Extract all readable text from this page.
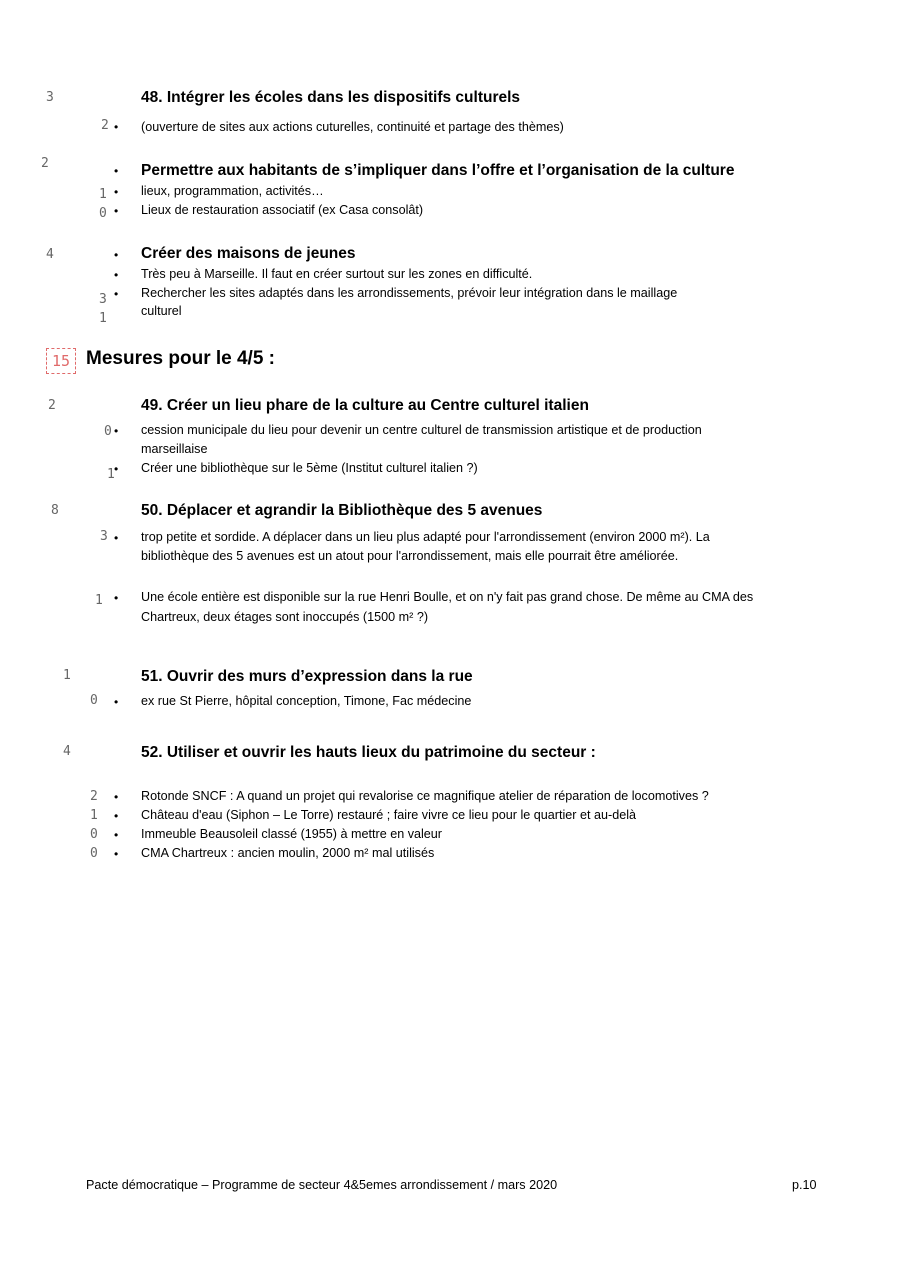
3	48. Intégrer les écoles dans les dispositifs culturels
2 • (ouverture de sites aux actions cuturelles, continuité et partage des thèmes)
2	• Permettre aux habitants de s’impliquer dans l’offre et l’organisation de la culture
1 • lieux, programmation, activités…
0 • Lieux de restauration associatif (ex Casa consolât)
4	• Créer des maisons de jeunes
• Très peu à Marseille. Il faut en créer surtout sur les zones en difficulté.
3 • Rechercher les sites adaptés dans les arrondissements, prévoir leur intégration dans le maillage
1	culturel
15 Mesures pour le 4/5 :
2	49. Créer un lieu phare de la culture au Centre culturel italien
0 • cession municipale du lieu pour devenir un centre culturel de transmission artistique et de production
marseillaise
1 • Créer une bibliothèque sur le 5ème (Institut culturel italien ?)
8	50. Déplacer et agrandir la Bibliothèque des 5 avenues
3 • trop petite et sordide. A déplacer dans un lieu plus adapté pour l'arrondissement (environ 2000 m²). La
bibliothèque des 5 avenues est un atout pour l'arrondissement, mais elle pourrait être améliorée.
1 • Une école entière est disponible sur la rue Henri Boulle, et on n'y fait pas grand chose. De même au CMA des
Chartreux, deux étages sont inoccupés (1500 m² ?)
1	51. Ouvrir des murs d’expression dans la rue
0 • ex rue St Pierre, hôpital conception, Timone, Fac médecine
4	52. Utiliser et ouvrir les hauts lieux du patrimoine du secteur :
2 • Rotonde SNCF : A quand un projet qui revalorise ce magnifique atelier de réparation de locomotives ?
1 • Château d'eau (Siphon – Le Torre) restauré ; faire vivre ce lieu pour le quartier et au-delà
0 • Immeuble Beausoleil classé (1955) à mettre en valeur
0 • CMA Chartreux : ancien moulin, 2000 m² mal utilisés
Pacte démocratique – Programme de secteur 4&5emes arrondissement / mars 2020	p.10
